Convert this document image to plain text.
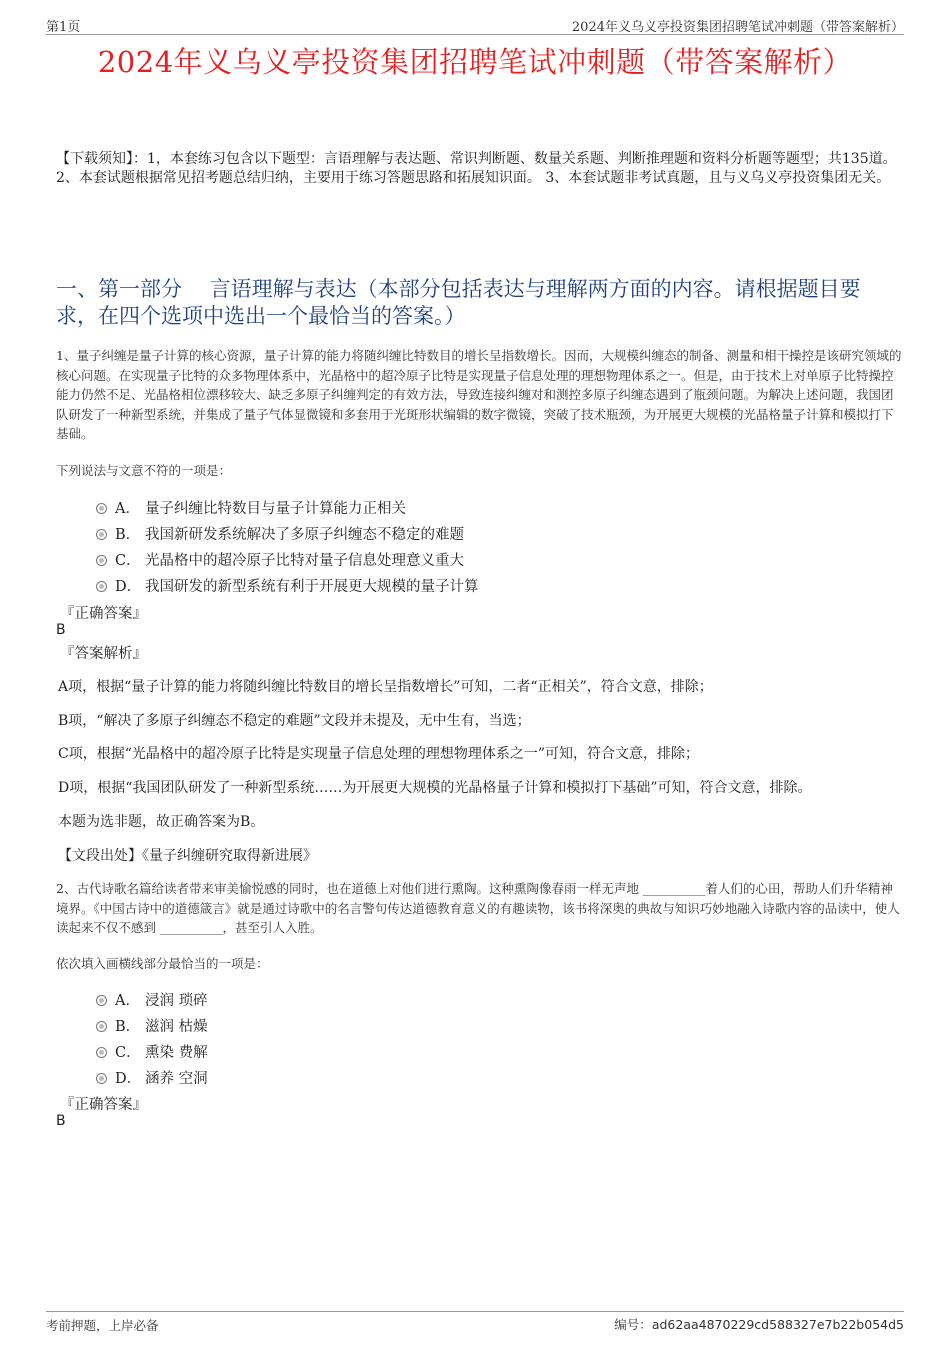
第1页	2024年义乌义亭投资集团招聘笔试冲刺题（带答案解析）
2024年义乌义亭投资集团招聘笔试冲刺题（带答案解析）
【下载须知】：1，本套练习包含以下题型：言语理解与表达题、常识判断题、数量关系题、判断推理题和资料分析题等题型；共135道。 2、本套试题根据常见招考题总结归纳，主要用于练习答题思路和拓展知识面。 3、本套试题非考试真题，且与义乌义亭投资集团无关。
一、第一部分　 言语理解与表达（本部分包括表达与理解两方面的内容。请根据题目要求，在四个选项中选出一个最恰当的答案。）
1、量子纠缠是量子计算的核心资源，量子计算的能力将随纠缠比特数目的增长呈指数增长。因而，大规模纠缠态的制备、测量和相干操控是该研究领域的核心问题。在实现量子比特的众多物理体系中，光晶格中的超冷原子比特是实现量子信息处理的理想物理体系之一。但是，由于技术上对单原子比特操控能力仍然不足、光晶格相位漂移较大、缺乏多原子纠缠判定的有效方法，导致连接纠缠对和测控多原子纠缠态遇到了瓶颈问题。为解决上述问题，我国团队研发了一种新型系统，并集成了量子气体显微镜和多套用于光斑形状编辑的数字微镜，突破了技术瓶颈，为开展更大规模的光晶格量子计算和模拟打下基础。
下列说法与文意不符的一项是：
A． 量子纠缠比特数目与量子计算能力正相关
B． 我国新研发系统解决了多原子纠缠态不稳定的难题
C． 光晶格中的超冷原子比特对量子信息处理意义重大
D． 我国研发的新型系统有利于开展更大规模的量子计算
『正确答案』
B
『答案解析』
A项，根据“量子计算的能力将随纠缠比特数目的增长呈指数增长”可知，二者“正相关”，符合文意，排除；
B项，“解决了多原子纠缠态不稳定的难题”文段并未提及，无中生有，当选；
C项，根据“光晶格中的超冷原子比特是实现量子信息处理的理想物理体系之一”可知，符合文意，排除；
D项，根据“我国团队研发了一种新型系统……为开展更大规模的光晶格量子计算和模拟打下基础”可知，符合文意，排除。
本题为选非题，故正确答案为B。
【文段出处】《量子纠缠研究取得新进展》
2、古代诗歌名篇给读者带来审美愉悦感的同时，也在道德上对他们进行熏陶。这种熏陶像春雨一样无声地 __________着人们的心田，帮助人们升华精神境界。《中国古诗中的道德箴言》就是通过诗歌中的名言警句传达道德教育意义的有趣读物，该书将深奥的典故与知识巧妙地融入诗歌内容的品读中，使人读起来不仅不感到 __________，甚至引人入胜。
依次填入画横线部分最恰当的一项是：
A． 浸润 琐碎
B． 滋润 枯燥
C． 熏染 费解
D． 涵养 空洞
『正确答案』
B
考前押题，上岸必备	编号：ad62aa4870229cd588327e7b22b054d5
